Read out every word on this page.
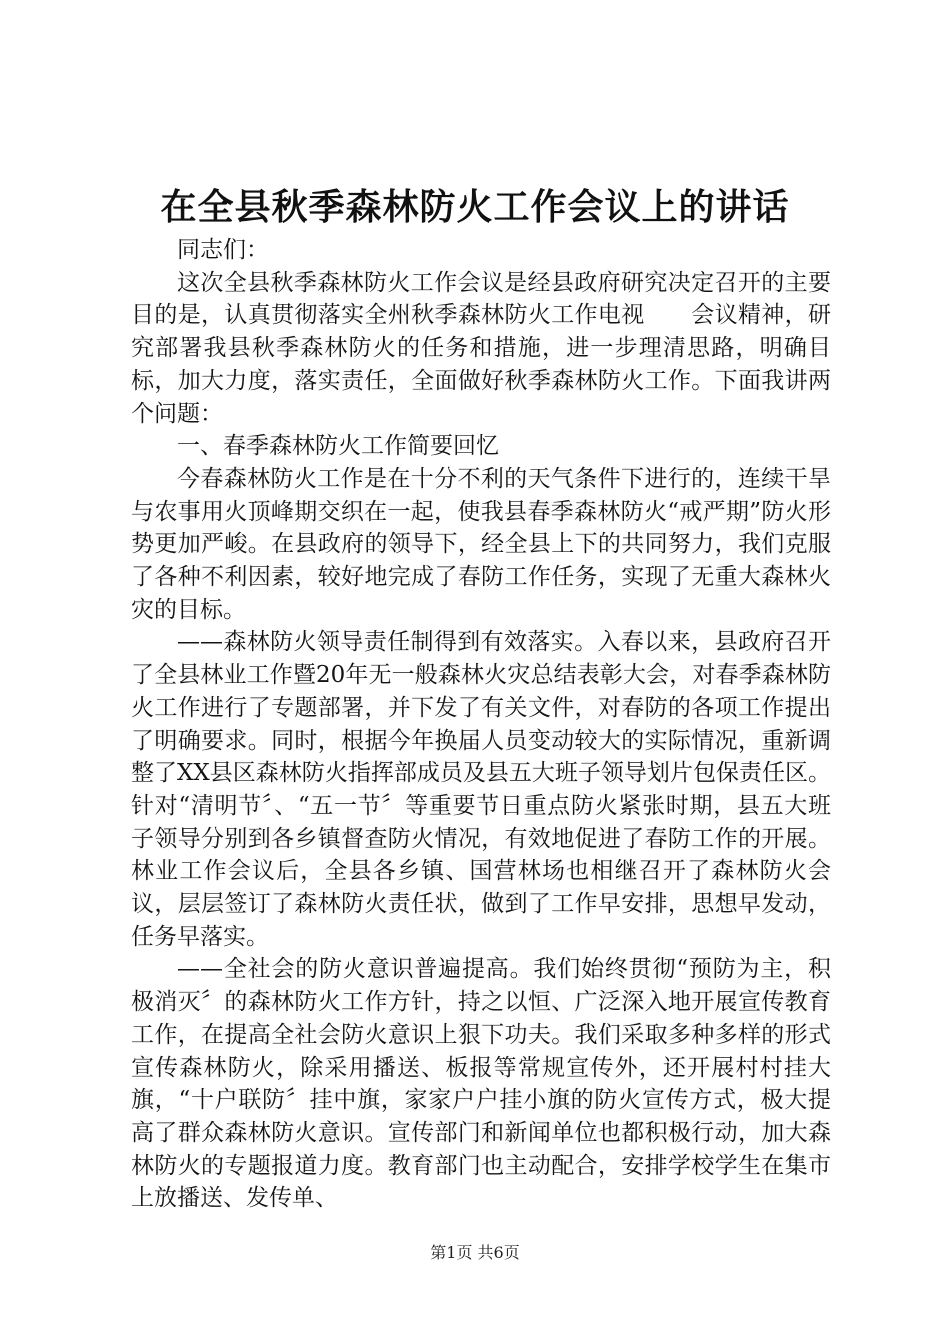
在全县秋季森林防火工作会议上的讲话

同志们：

这次全县秋季森林防火工作会议是经县政府研究决定召开的主要目的是，认真贯彻落实全州秋季森林防火工作电视　　会议精神，研究部署我县秋季森林防火的任务和措施，进一步理清思路，明确目标，加大力度，落实责任，全面做好秋季森林防火工作。下面我讲两个问题：

一、春季森林防火工作简要回忆

今春森林防火工作是在十分不利的天气条件下进行的，连续干旱与农事用火顶峰期交织在一起，使我县春季森林防火“戒严期”防火形势更加严峻。在县政府的领导下，经全县上下的共同努力，我们克服了各种不利因素，较好地完成了春防工作任务，实现了无重大森林火灾的目标。

——森林防火领导责任制得到有效落实。入春以来，县政府召开了全县林业工作暨20年无一般森林火灾总结表彰大会，对春季森林防火工作进行了专题部署，并下发了有关文件，对春防的各项工作提出了明确要求。同时，根据今年换届人员变动较大的实际情况，重新调整了XX县区森林防火指挥部成员及县五大班子领导划片包保责任区。针对“清明节〞、“五一节〞等重要节日重点防火紧张时期，县五大班子领导分别到各乡镇督查防火情况，有效地促进了春防工作的开展。林业工作会议后，全县各乡镇、国营林场也相继召开了森林防火会议，层层签订了森林防火责任状，做到了工作早安排，思想早发动，任务早落实。

——全社会的防火意识普遍提高。我们始终贯彻“预防为主，积极消灭〞的森林防火工作方针，持之以恒、广泛深入地开展宣传教育工作，在提高全社会防火意识上狠下功夫。我们采取多种多样的形式宣传森林防火，除采用播送、板报等常规宣传外，还开展村村挂大旗，“十户联防〞挂中旗，家家户户挂小旗的防火宣传方式，极大提高了群众森林防火意识。宣传部门和新闻单位也都积极行动，加大森林防火的专题报道力度。教育部门也主动配合，安排学校学生在集市上放播送、发传单、

第1页 共6页
